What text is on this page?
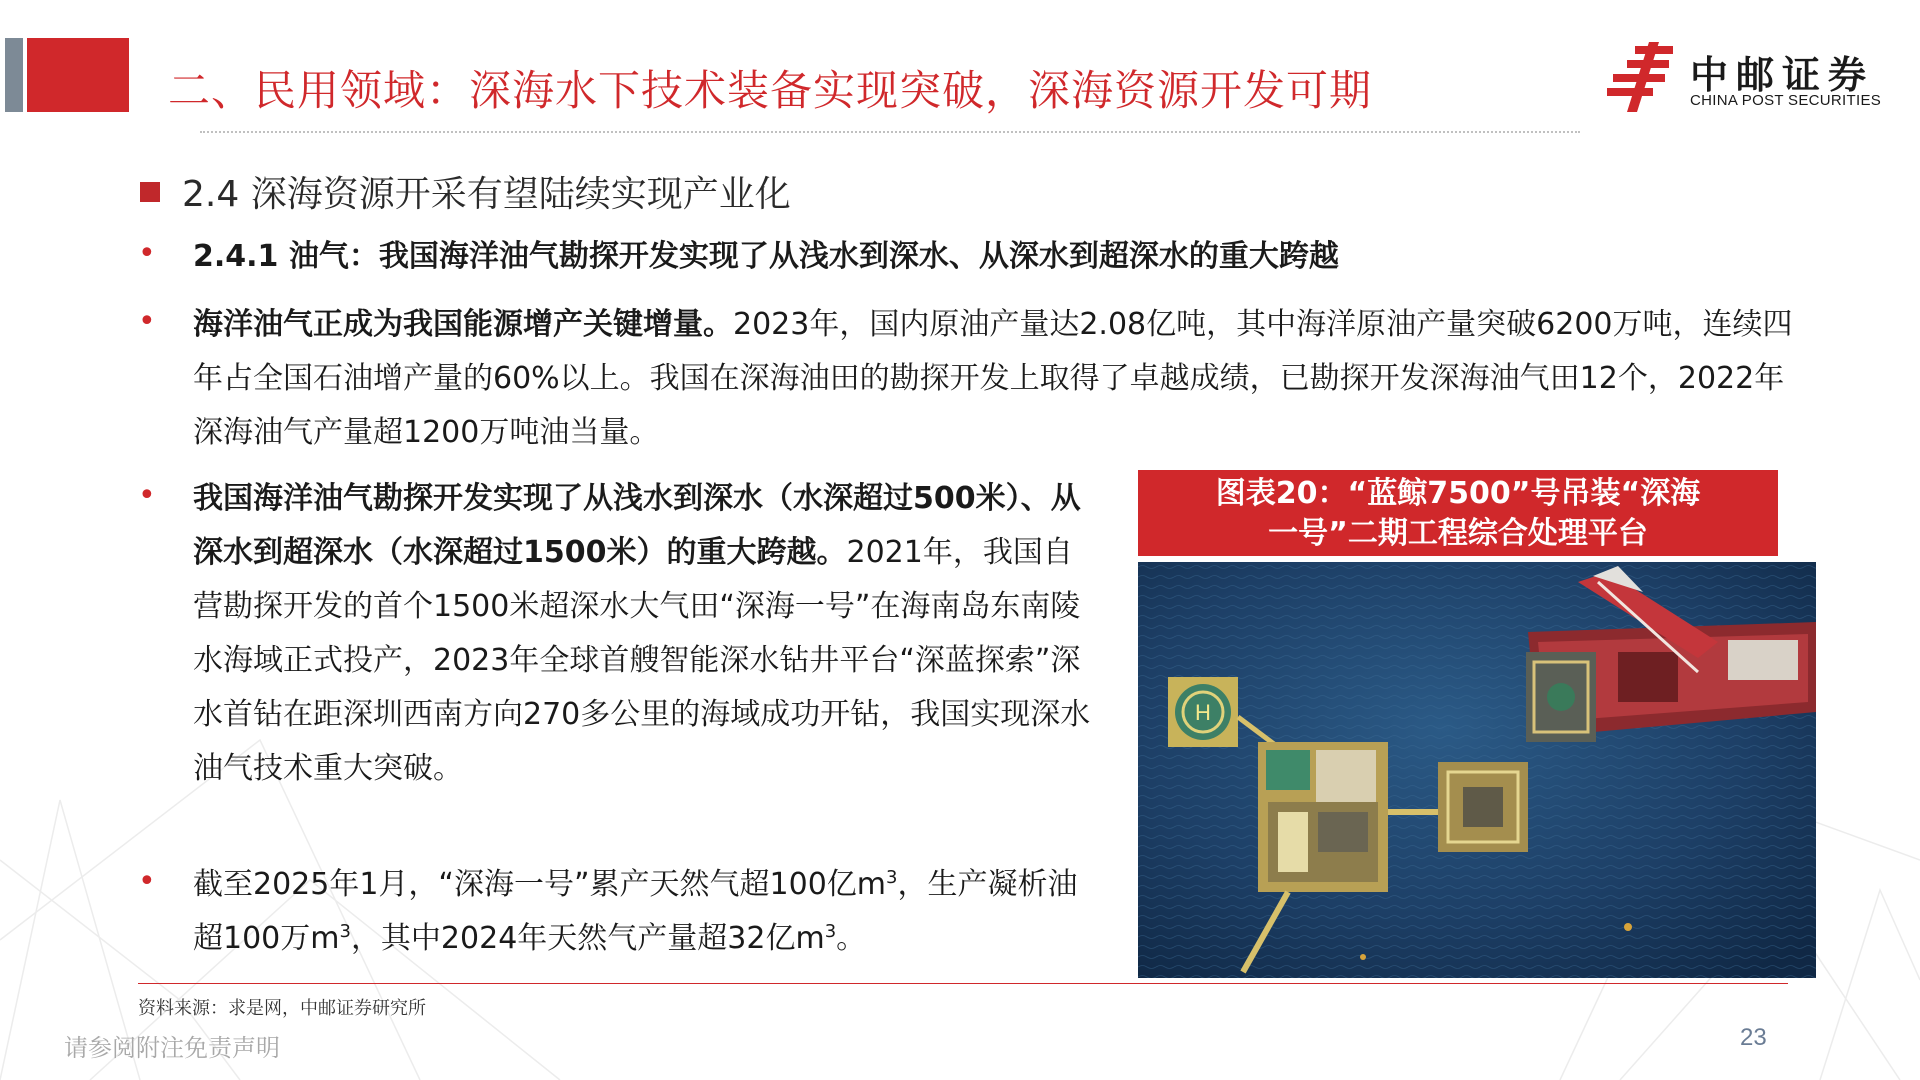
二、民用领域：深海水下技术装备实现突破，深海资源开发可期	中邮证券
CHINA POST SECURITIES
2.4 深海资源开采有望陆续实现产业化
• 2.4.1 油气：我国海洋油气勘探开发实现了从浅水到深水、从深水到超深水的重大跨越
• 海洋油气正成为我国能源增产关键增量。2023年，国内原油产量达2.08亿吨，其中海洋原油产量突破6200万吨，连续四年占全国石油增产量的60%以上。我国在深海油田的勘探开发上取得了卓越成绩，已勘探开发深海油气田12个，2022年深海油气产量超1200万吨油当量。
• 我国海洋油气勘探开发实现了从浅水到深水（水深超过500米）、从深水到超深水（水深超过1500米）的重大跨越。2021年，我国自营勘探开发的首个1500米超深水大气田“深海一号”在海南岛东南陵水海域正式投产，2023年全球首艘智能深水钻井平台“深蓝探索”深水首钻在距深圳西南方向270多公里的海域成功开钻，我国实现深水油气技术重大突破。
• 截至2025年1月，“深海一号”累产天然气超100亿$m^3$，生产凝析油超100万$m^3$，其中2024年天然气产量超32亿$m^3$。
图表20：“蓝鲸7500”号吊装“深海
一号”二期工程综合处理平台
H
资料来源：求是网，中邮证券研究所
请参阅附注免责声明	23
